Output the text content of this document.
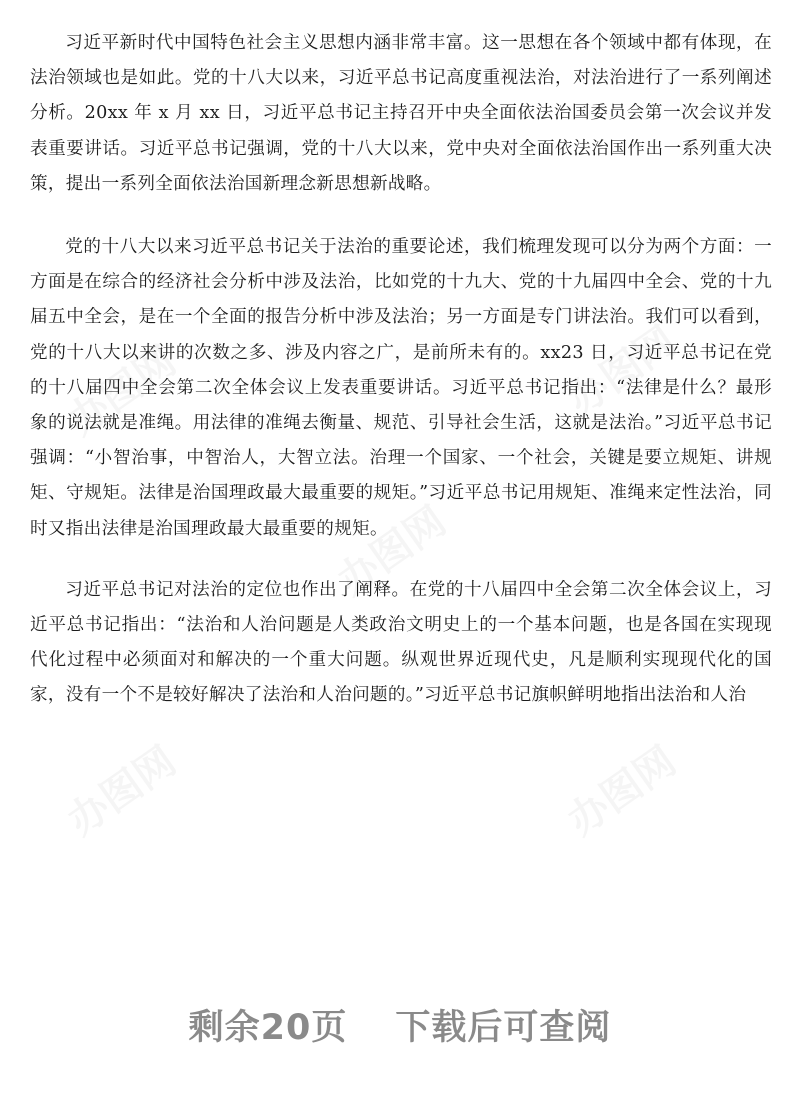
办图网
办图网
办图网
办图网	办图网

习近平新时代中国特色社会主义思想内涵非常丰富。这一思想在各个领域中都有体现，在法治领域也是如此。党的十八大以来，习近平总书记高度重视法治，对法治进行了一系列阐述分析。20xx 年 x 月 xx 日，习近平总书记主持召开中央全面依法治国委员会第一次会议并发表重要讲话。习近平总书记强调，党的十八大以来，党中央对全面依法治国作出一系列重大决策，提出一系列全面依法治国新理念新思想新战略。

党的十八大以来习近平总书记关于法治的重要论述，我们梳理发现可以分为两个方面：一方面是在综合的经济社会分析中涉及法治，比如党的十九大、党的十九届四中全会、党的十九届五中全会，是在一个全面的报告分析中涉及法治；另一方面是专门讲法治。我们可以看到，党的十八大以来讲的次数之多、涉及内容之广，是前所未有的。xx23 日，习近平总书记在党的十八届四中全会第二次全体会议上发表重要讲话。习近平总书记指出：“法律是什么？最形象的说法就是准绳。用法律的准绳去衡量、规范、引导社会生活，这就是法治。”习近平总书记强调：“小智治事，中智治人，大智立法。治理一个国家、一个社会，关键是要立规矩、讲规矩、守规矩。法律是治国理政最大最重要的规矩。”习近平总书记用规矩、准绳来定性法治，同时又指出法律是治国理政最大最重要的规矩。

习近平总书记对法治的定位也作出了阐释。在党的十八届四中全会第二次全体会议上，习近平总书记指出：“法治和人治问题是人类政治文明史上的一个基本问题，也是各国在实现现代化过程中必须面对和解决的一个重大问题。纵观世界近现代史，凡是顺利实现现代化的国家，没有一个不是较好解决了法治和人治问题的。”习近平总书记旗帜鲜明地指出法治和人治

剩余20页 下载后可查阅
